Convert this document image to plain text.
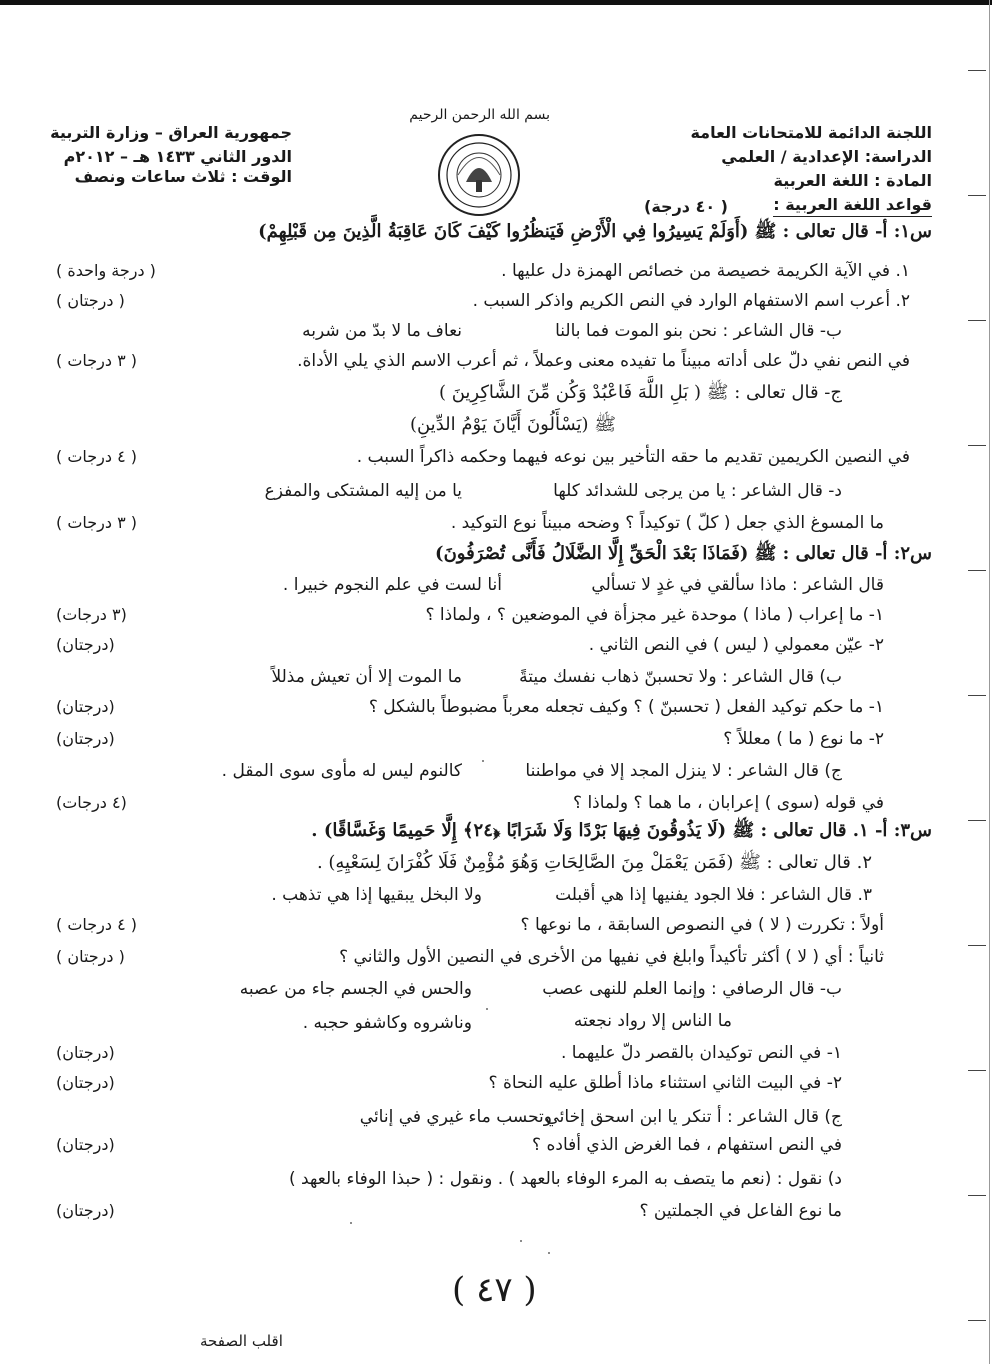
بسم الله الرحمن الرحيم
اللجنة الدائمة للامتحانات العامة
الدراسة: الإعدادية / العلمي
المادة : اللغة العربية
قواعد اللغة العربية :
( ٤٠ درجة)
جمهورية العراق – وزارة التربية
الدور الثاني ١٤٣٣ هـ – ٢٠١٢م
الوقت : ثلاث ساعات ونصف
س١: أ- قال تعالى : ﷺ (أَوَلَمْ يَسِيرُوا فِي الْأَرْضِ فَيَنظُرُوا كَيْفَ كَانَ عَاقِبَةُ الَّذِينَ مِن قَبْلِهِمْ)
١. في الآية الكريمة خصيصة من خصائص الهمزة دل عليها .
( درجة واحدة )
٢. أعرب اسم الاستفهام الوارد في النص الكريم واذكر السبب .
( درجتان )
ب- قال الشاعر : نحن بنو الموت فما بالنا
نعاف ما لا بدّ من شربه
في النص نفي دلّ على أداته مبيناً ما تفيده معنى وعملاً ، ثم أعرب الاسم الذي يلي الأداة.
( ٣ درجات )
ج- قال تعالى : ﷺ ( بَلِ اللَّهَ فَاعْبُدْ وَكُن مِّنَ الشَّاكِرِينَ )
ﷺ (يَسْأَلُونَ أَيَّانَ يَوْمُ الدِّينِ)
في النصين الكريمين تقديم ما حقه التأخير بين نوعه فيهما وحكمه ذاكراً السبب .
( ٤ درجات )
د- قال الشاعر : يا من يرجى للشدائد كلها
يا من إليه المشتكى والمفزع
ما المسوغ الذي جعل ( كلّ ) توكيداً ؟ وضحه مبيناً نوع التوكيد .
( ٣ درجات )
س٢: أ- قال تعالى : ﷺ (فَمَاذَا بَعْدَ الْحَقِّ إِلَّا الضَّلَالُ فَأَنَّى تُصْرَفُونَ)
قال الشاعر : ماذا سألقي في غدٍ لا تسألي
أنا لست في علم النجوم خبيرا .
١- ما إعراب ( ماذا ) موحدة غير مجزأة في الموضعين ؟ ، ولماذا ؟
(٣ درجات)
٢- عيّن معمولي ( ليس ) في النص الثاني .
(درجتان)
ب) قال الشاعر : ولا تحسبنّ ذهاب نفسك ميتةً
ما الموت إلا أن تعيش مذللاً
١- ما حكم توكيد الفعل ( تحسبنّ ) ؟ وكيف تجعله معرباً مضبوطاً بالشكل ؟
(درجتان)
٢- ما نوع ( ما ) معللاً ؟
(درجتان)
ج) قال الشاعر : لا ينزل المجد إلا في مواطننا
كالنوم ليس له مأوى سوى المقل .
في قوله (سوى ) إعرابان ، ما هما ؟ ولماذا ؟
(٤ درجات)
س٣: أ- ١. قال تعالى : ﷺ (لَا يَذُوقُونَ فِيهَا بَرْدًا وَلَا شَرَابًا ﴿٢٤﴾ إِلَّا حَمِيمًا وَغَسَّاقًا) .
٢. قال تعالى : ﷺ (فَمَن يَعْمَلْ مِنَ الصَّالِحَاتِ وَهُوَ مُؤْمِنٌ فَلَا كُفْرَانَ لِسَعْيِهِ) .
٣. قال الشاعر : فلا الجود يفنيها إذا هي أقبلت
ولا البخل يبقيها إذا هي تذهب .
أولاً : تكررت ( لا ) في النصوص السابقة ، ما نوعها ؟
( ٤ درجات )
ثانياً : أي ( لا ) أكثر تأكيداً وابلغ في نفيها من الأخرى في النصين الأول والثاني ؟
( درجتان )
ب- قال الرصافي : وإنما العلم للنهى عصب
والحس في الجسم جاء من عصبه
ما الناس إلا رواد نجعته
وناشروه وكاشفو حجبه .
١- في النص توكيدان بالقصر دلّ عليهما .
(درجتان)
٢- في البيت الثاني استثناء ماذا أطلق عليه النحاة ؟
(درجتان)
ج) قال الشاعر : أ تنكر يا ابن اسحق إخائي
وتحسب ماء غيري في إنائي
في النص استفهام ، فما الغرض الذي أفاده ؟
(درجتان)
د) نقول : (نعم ما يتصف به المرء الوفاء بالعهد ) . ونقول : ( حبذا الوفاء بالعهد )
ما نوع الفاعل في الجملتين ؟
(درجتان)
( ٤٧ )
اقلب الصفحة
